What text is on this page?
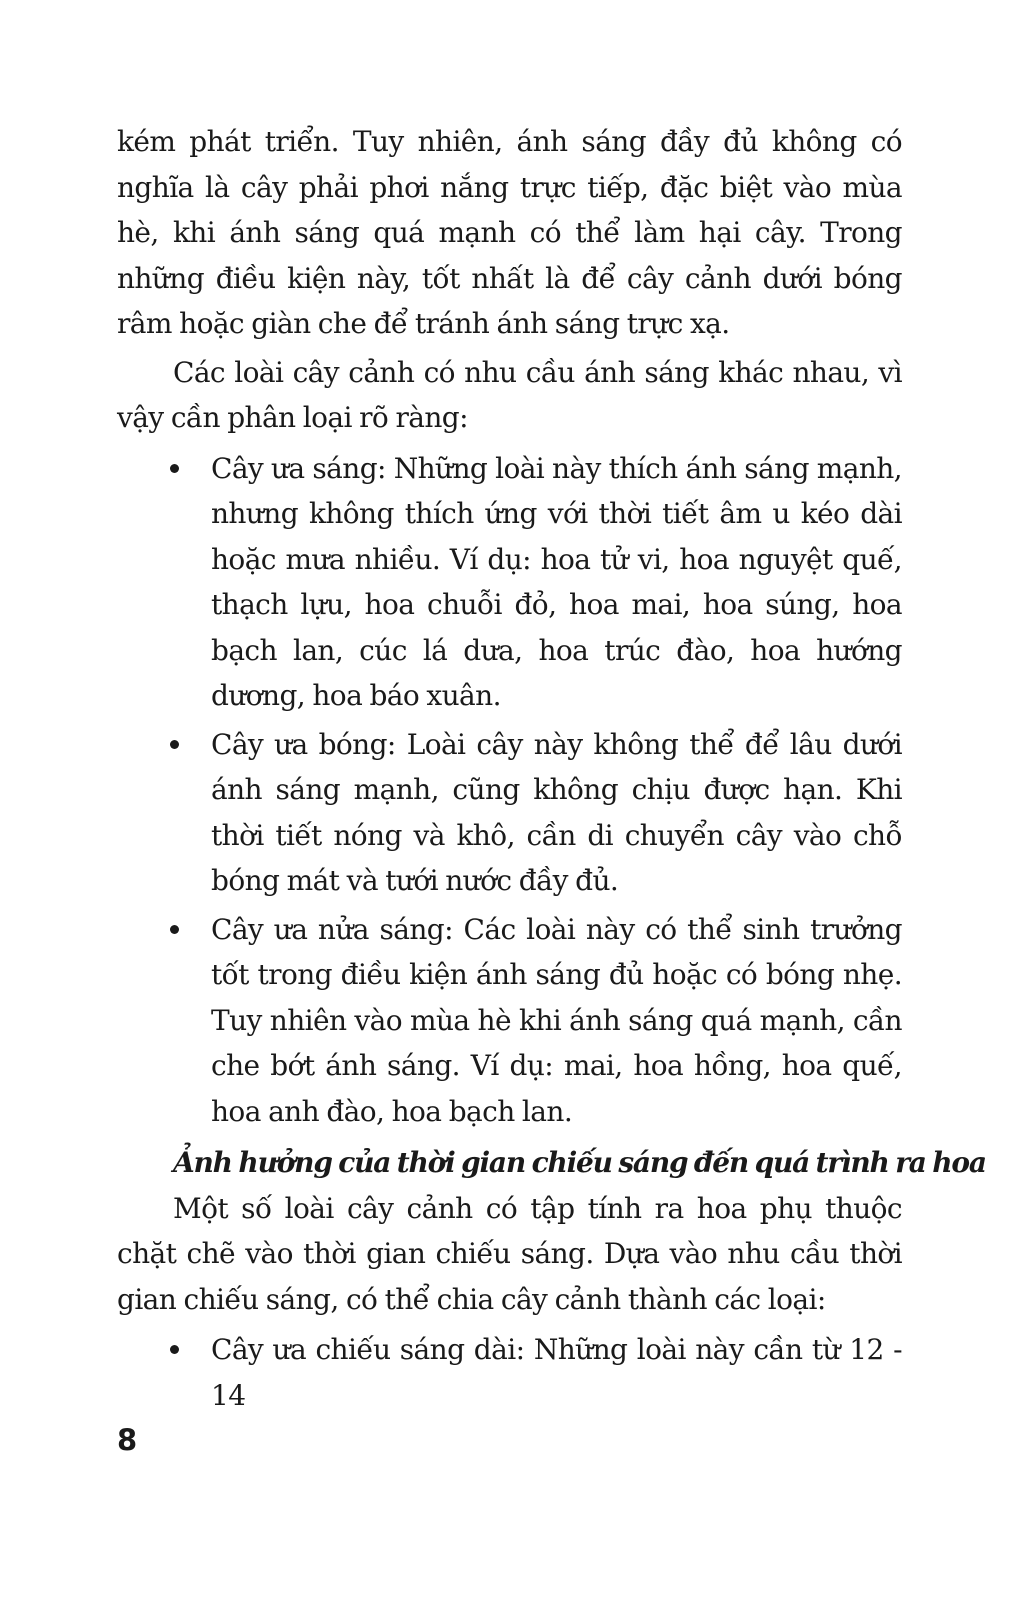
kém phát triển. Tuy nhiên, ánh sáng đầy đủ không có nghĩa là cây phải phơi nắng trực tiếp, đặc biệt vào mùa hè, khi ánh sáng quá mạnh có thể làm hại cây. Trong những điều kiện này, tốt nhất là để cây cảnh dưới bóng râm hoặc giàn che để tránh ánh sáng trực xạ.

Các loài cây cảnh có nhu cầu ánh sáng khác nhau, vì vậy cần phân loại rõ ràng:

Cây ưa sáng: Những loài này thích ánh sáng mạnh, nhưng không thích ứng với thời tiết âm u kéo dài hoặc mưa nhiều. Ví dụ: hoa tử vi, hoa nguyệt quế, thạch lựu, hoa chuỗi đỏ, hoa mai, hoa súng, hoa bạch lan, cúc lá dưa, hoa trúc đào, hoa hướng dương, hoa báo xuân.

Cây ưa bóng: Loài cây này không thể để lâu dưới ánh sáng mạnh, cũng không chịu được hạn. Khi thời tiết nóng và khô, cần di chuyển cây vào chỗ bóng mát và tưới nước đầy đủ.

Cây ưa nửa sáng: Các loài này có thể sinh trưởng tốt trong điều kiện ánh sáng đủ hoặc có bóng nhẹ. Tuy nhiên vào mùa hè khi ánh sáng quá mạnh, cần che bớt ánh sáng. Ví dụ: mai, hoa hồng, hoa quế, hoa anh đào, hoa bạch lan.

Ảnh hưởng của thời gian chiếu sáng đến quá trình ra hoa

Một số loài cây cảnh có tập tính ra hoa phụ thuộc chặt chẽ vào thời gian chiếu sáng. Dựa vào nhu cầu thời gian chiếu sáng, có thể chia cây cảnh thành các loại:

Cây ưa chiếu sáng dài: Những loài này cần từ 12 - 14

8
